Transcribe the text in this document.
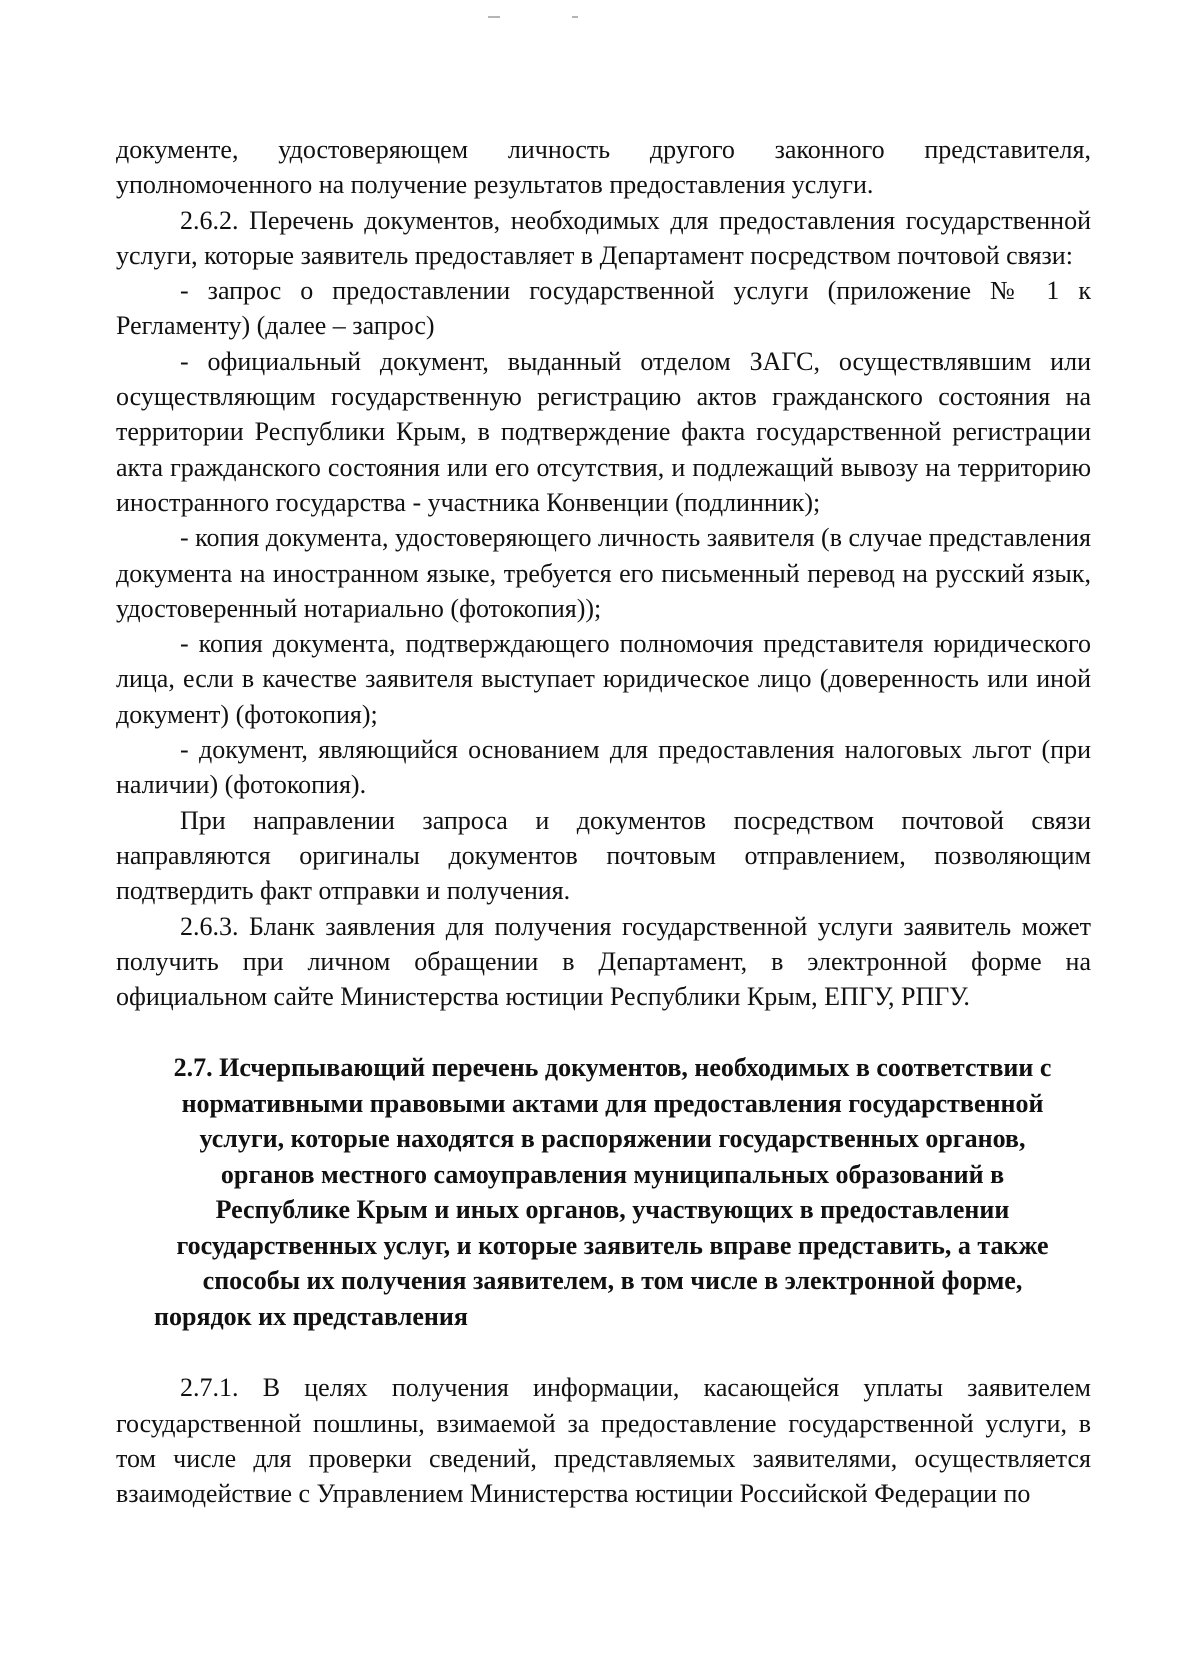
документе, удостоверяющем личность другого законного представителя, уполномоченного на получение результатов предоставления услуги.

2.6.2. Перечень документов, необходимых для предоставления государственной услуги, которые заявитель предоставляет в Департамент посредством почтовой связи:

- запрос о предоставлении государственной услуги (приложение № 1 к Регламенту) (далее – запрос)

- официальный документ, выданный отделом ЗАГС, осуществлявшим или осуществляющим государственную регистрацию актов гражданского состояния на территории Республики Крым, в подтверждение факта государственной регистрации акта гражданского состояния или его отсутствия, и подлежащий вывозу на территорию иностранного государства - участника Конвенции (подлинник);

- копия документа, удостоверяющего личность заявителя (в случае представления документа на иностранном языке, требуется его письменный перевод на русский язык, удостоверенный нотариально (фотокопия));

- копия документа, подтверждающего полномочия представителя юридического лица, если в качестве заявителя выступает юридическое лицо (доверенность или иной документ) (фотокопия);

- документ, являющийся основанием для предоставления налоговых льгот (при наличии) (фотокопия).

При направлении запроса и документов посредством почтовой связи направляются оригиналы документов почтовым отправлением, позволяющим подтвердить факт отправки и получения.

2.6.3. Бланк заявления для получения государственной услуги заявитель может получить при личном обращении в Департамент, в электронной форме на официальном сайте Министерства юстиции Республики Крым, ЕПГУ, РПГУ.

2.7. Исчерпывающий перечень документов, необходимых в соответствии с нормативными правовыми актами для предоставления государственной услуги, которые находятся в распоряжении государственных органов, органов местного самоуправления муниципальных образований в Республике Крым и иных органов, участвующих в предоставлении государственных услуг, и которые заявитель вправе представить, а также способы их получения заявителем, в том числе в электронной форме, порядок их представления

2.7.1. В целях получения информации, касающейся уплаты заявителем государственной пошлины, взимаемой за предоставление государственной услуги, в том числе для проверки сведений, представляемых заявителями, осуществляется взаимодействие с Управлением Министерства юстиции Российской Федерации по
